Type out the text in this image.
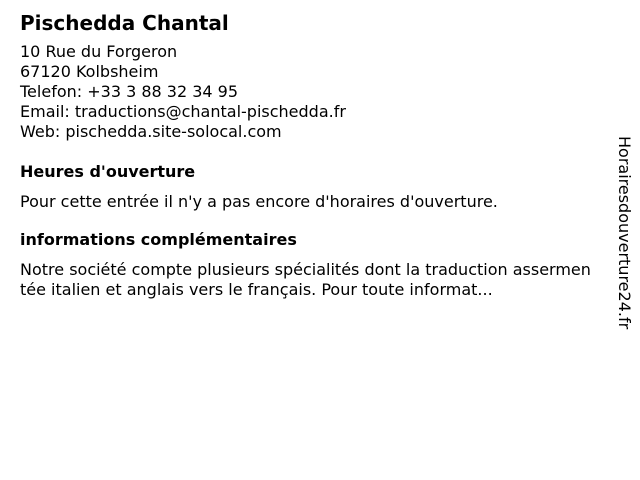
Pischedda Chantal
10 Rue du Forgeron
67120 Kolbsheim
Telefon: +33 3 88 32 34 95
Email: traductions@chantal-pischedda.fr
Web: pischedda.site-solocal.com
Heures d'ouverture
Pour cette entrée il n'y a pas encore d'horaires d'ouverture.
informations complémentaires
Notre société compte plusieurs spécialités dont la traduction assermentée italien et anglais vers le français. Pour toute informat...	Horairesdouverture24.fr
